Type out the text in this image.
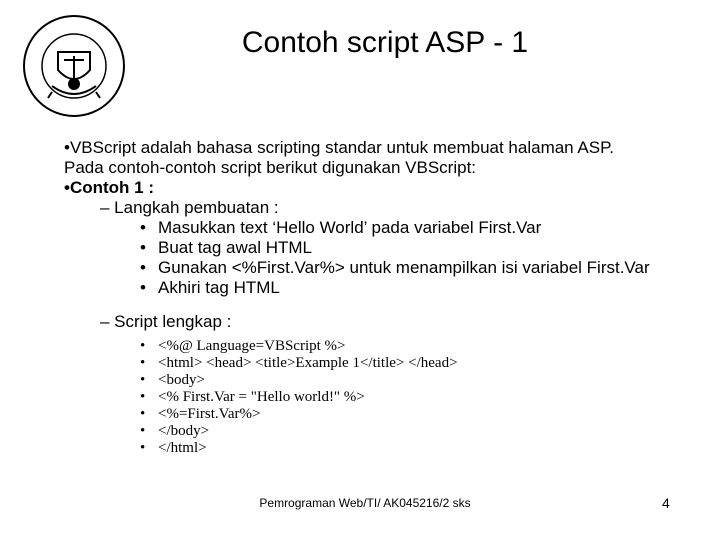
Contoh script ASP - 1
•VBScript adalah bahasa scripting standar untuk membuat halaman ASP.
Pada contoh-contoh script berikut digunakan VBScript:
•Contoh 1 :
– Langkah pembuatan :
• Masukkan text ‘Hello World’ pada variabel First.Var
• Buat tag awal HTML
• Gunakan <%First.Var%> untuk menampilkan isi variabel First.Var
• Akhiri tag HTML
– Script lengkap :
• <%@ Language=VBScript %>
• <html> <head> <title>Example 1</title> </head>
• <body>
• <% First.Var = "Hello world!" %>
• <%=First.Var%>
• </body>
• </html>
Pemrograman Web/TI/ AK045216/2 sks	4
